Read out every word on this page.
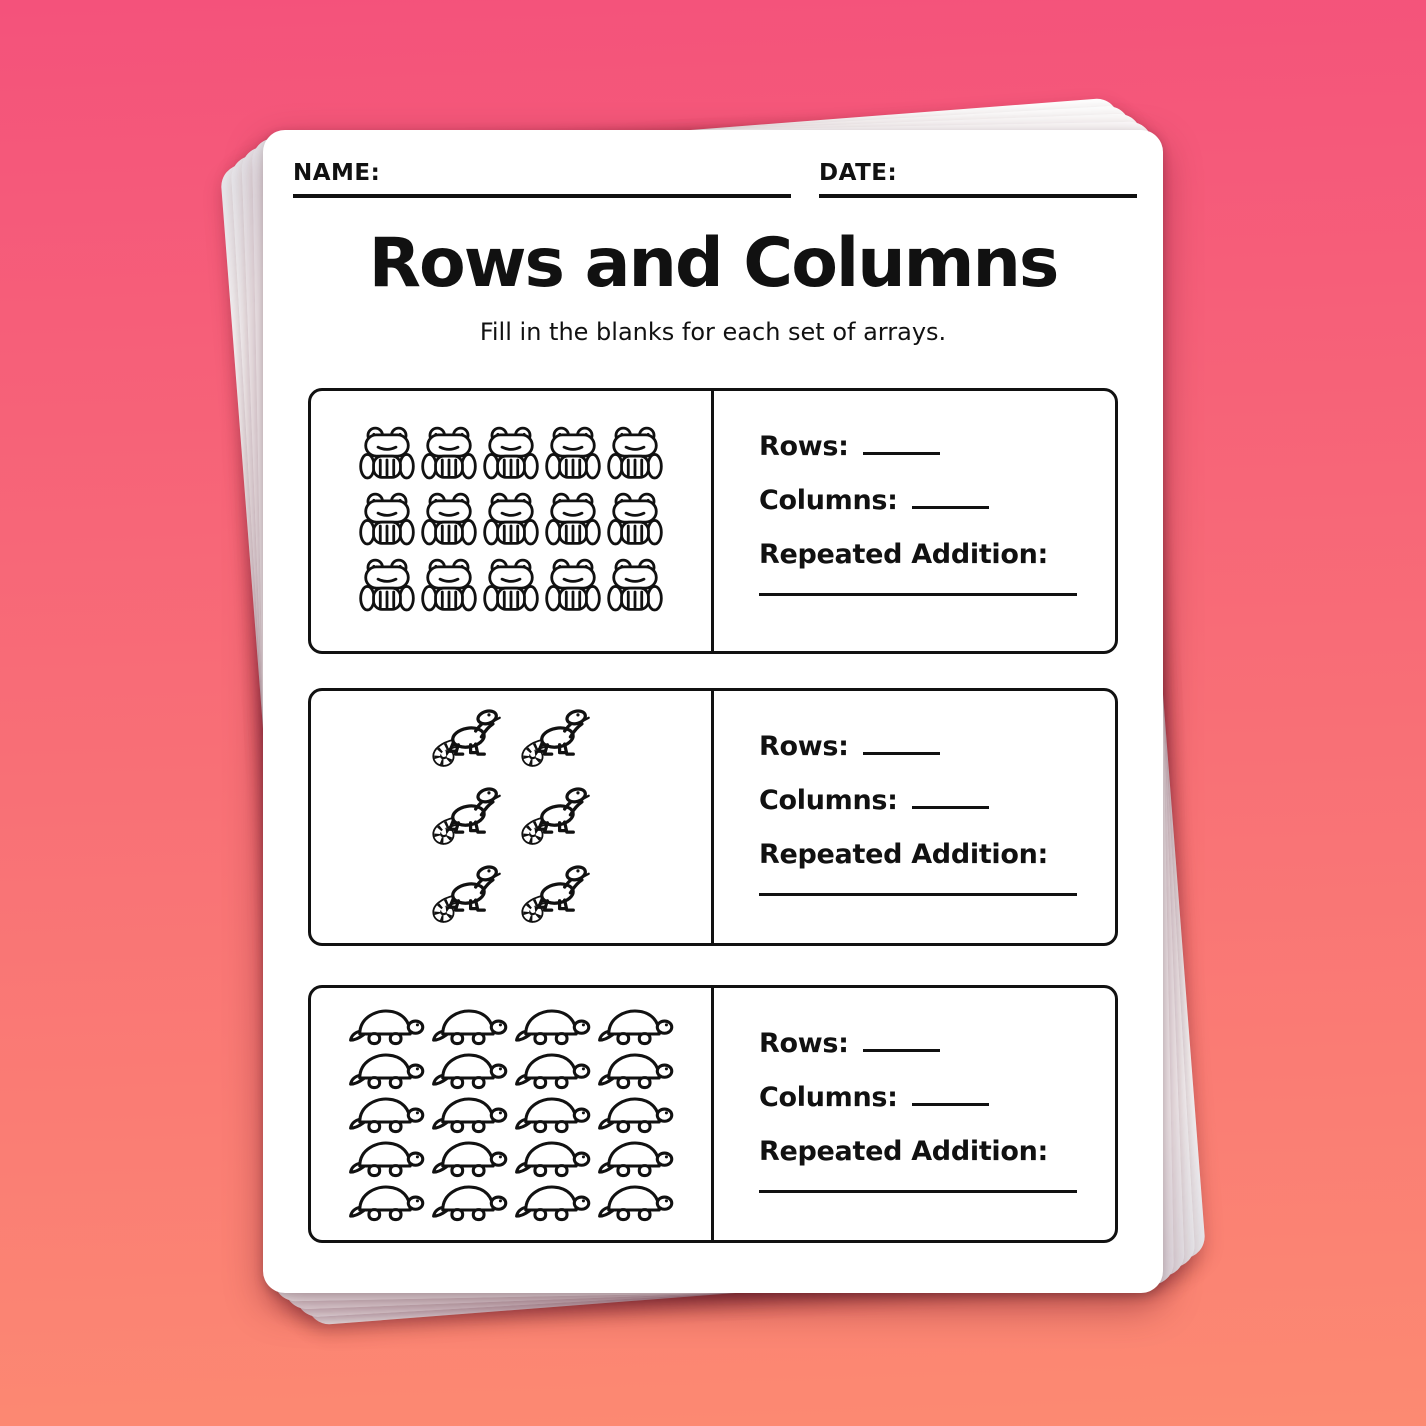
NAME:	DATE:
Rows and Columns
Fill in the blanks for each set of arrays.
Rows:
Columns:
Repeated Addition:
Rows:
Columns:
Repeated Addition:
Rows:
Columns:
Repeated Addition:
